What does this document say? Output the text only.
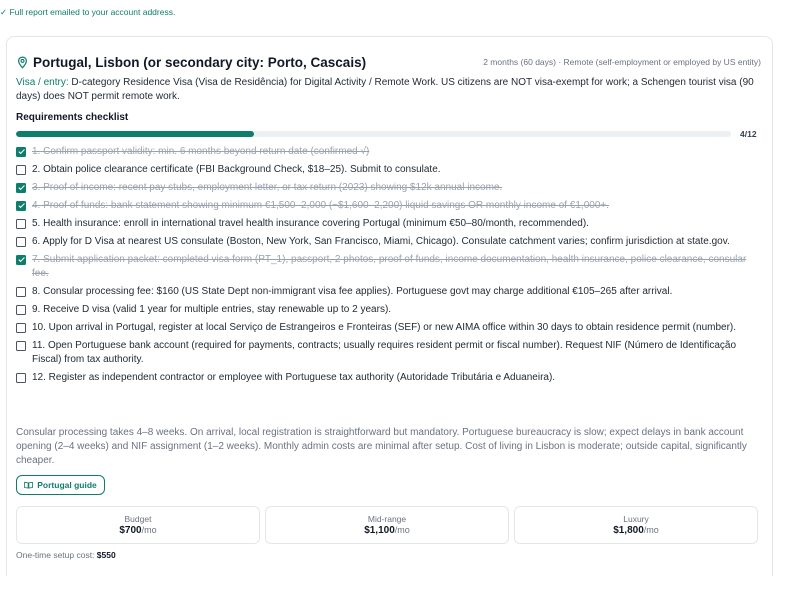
✓ Full report emailed to your account address.
Portugal, Lisbon (or secondary city: Porto, Cascais)	2 months (60 days) · Remote (self-employment or employed by US entity)
Visa / entry: D-category Residence Visa (Visa de Residência) for Digital Activity / Remote Work. US citizens are NOT visa-exempt for work; a Schengen tourist visa (90 days) does NOT permit remote work.
Requirements checklist
4/12
1. Confirm passport validity: min. 6 months beyond return date (confirmed √)
2. Obtain police clearance certificate (FBI Background Check, $18–25). Submit to consulate.
3. Proof of income: recent pay stubs, employment letter, or tax return (2023) showing $12k annual income.
4. Proof of funds: bank statement showing minimum €1,500–2,000 (~$1,600–2,200) liquid savings OR monthly income of €1,000+.
5. Health insurance: enroll in international travel health insurance covering Portugal (minimum €50–80/month, recommended).
6. Apply for D Visa at nearest US consulate (Boston, New York, San Francisco, Miami, Chicago). Consulate catchment varies; confirm jurisdiction at state.gov.
7. Submit application packet: completed visa form (PT_1), passport, 2 photos, proof of funds, income documentation, health insurance, police clearance, consular fee.
8. Consular processing fee: $160 (US State Dept non-immigrant visa fee applies). Portuguese govt may charge additional €105–265 after arrival.
9. Receive D visa (valid 1 year for multiple entries, stay renewable up to 2 years).
10. Upon arrival in Portugal, register at local Serviço de Estrangeiros e Fronteiras (SEF) or new AIMA office within 30 days to obtain residence permit (number).
11. Open Portuguese bank account (required for payments, contracts; usually requires resident permit or fiscal number). Request NIF (Número de Identificação Fiscal) from tax authority.
12. Register as independent contractor or employee with Portuguese tax authority (Autoridade Tributária e Aduaneira).
Consular processing takes 4–8 weeks. On arrival, local registration is straightforward but mandatory. Portuguese bureaucracy is slow; expect delays in bank account opening (2–4 weeks) and NIF assignment (1–2 weeks). Monthly admin costs are minimal after setup. Cost of living in Lisbon is moderate; outside capital, significantly cheaper.
Portugal guide
Budget
$700/mo
Mid-range
$1,100/mo
Luxury
$1,800/mo
One-time setup cost: $550
